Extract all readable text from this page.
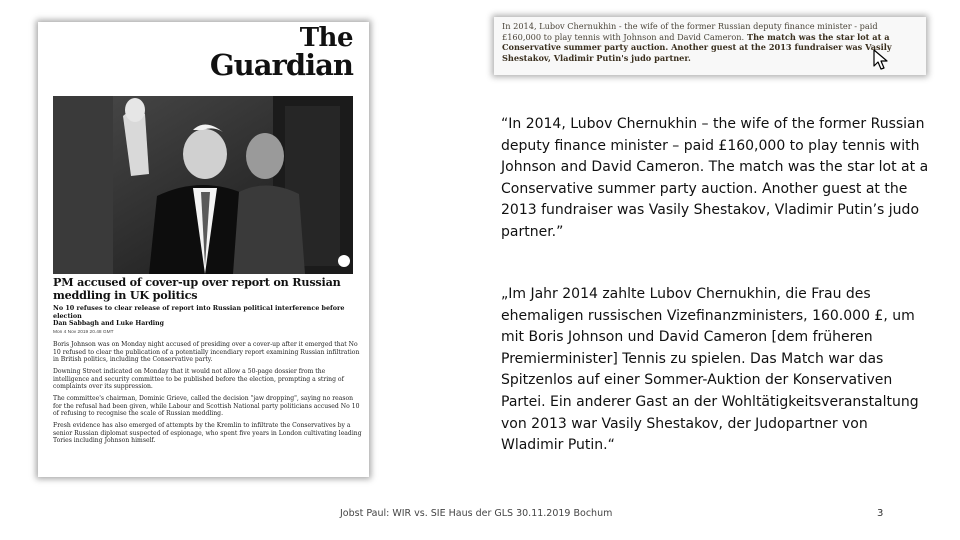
The
Guardian
PM accused of cover-up over report on Russian meddling in UK politics
No 10 refuses to clear release of report into Russian political interference before election
Dan Sabbagh and Luke Harding
Mon 4 Nov 2019 20.48 GMT

Boris Johnson was on Monday night accused of presiding over a cover-up after it emerged that No 10 refused to clear the publication of a potentially incendiary report examining Russian infiltration in British politics, including the Conservative party.

Downing Street indicated on Monday that it would not allow a 50-page dossier from the intelligence and security committee to be published before the election, prompting a string of complaints over its suppression.

The committee's chairman, Dominic Grieve, called the decision "jaw dropping", saying no reason for the refusal had been given, while Labour and Scottish National party politicians accused No 10 of refusing to recognise the scale of Russian meddling.

Fresh evidence has also emerged of attempts by the Kremlin to infiltrate the Conservatives by a senior Russian diplomat suspected of espionage, who spent five years in London cultivating leading Tories including Johnson himself.

In 2014, Lubov Chernukhin - the wife of the former Russian deputy finance minister - paid £160,000 to play tennis with Johnson and David Cameron. The match was the star lot at a Conservative summer party auction. Another guest at the 2013 fundraiser was Vasily Shestakov, Vladimir Putin's judo partner.
“In 2014, Lubov Chernukhin – the wife of the former Russian deputy finance minister – paid £160,000 to play tennis with Johnson and David Cameron. The match was the star lot at a Conservative summer party auction. Another guest at the 2013 fundraiser was Vasily Shestakov, Vladimir Putin’s judo partner.”
„Im Jahr 2014 zahlte Lubov Chernukhin, die Frau des ehemaligen russischen Vizefinanzministers, 160.000 £, um mit Boris Johnson und David Cameron [dem früheren Premierminister] Tennis zu spielen. Das Match war das Spitzenlos auf einer Sommer-Auktion der Konservativen Partei. Ein anderer Gast an der Wohltätigkeitsveranstaltung von 2013 war Vasily Shestakov, der Judopartner von Wladimir Putin.“
Jobst Paul: WIR vs. SIE Haus der GLS 30.11.2019 Bochum	3
